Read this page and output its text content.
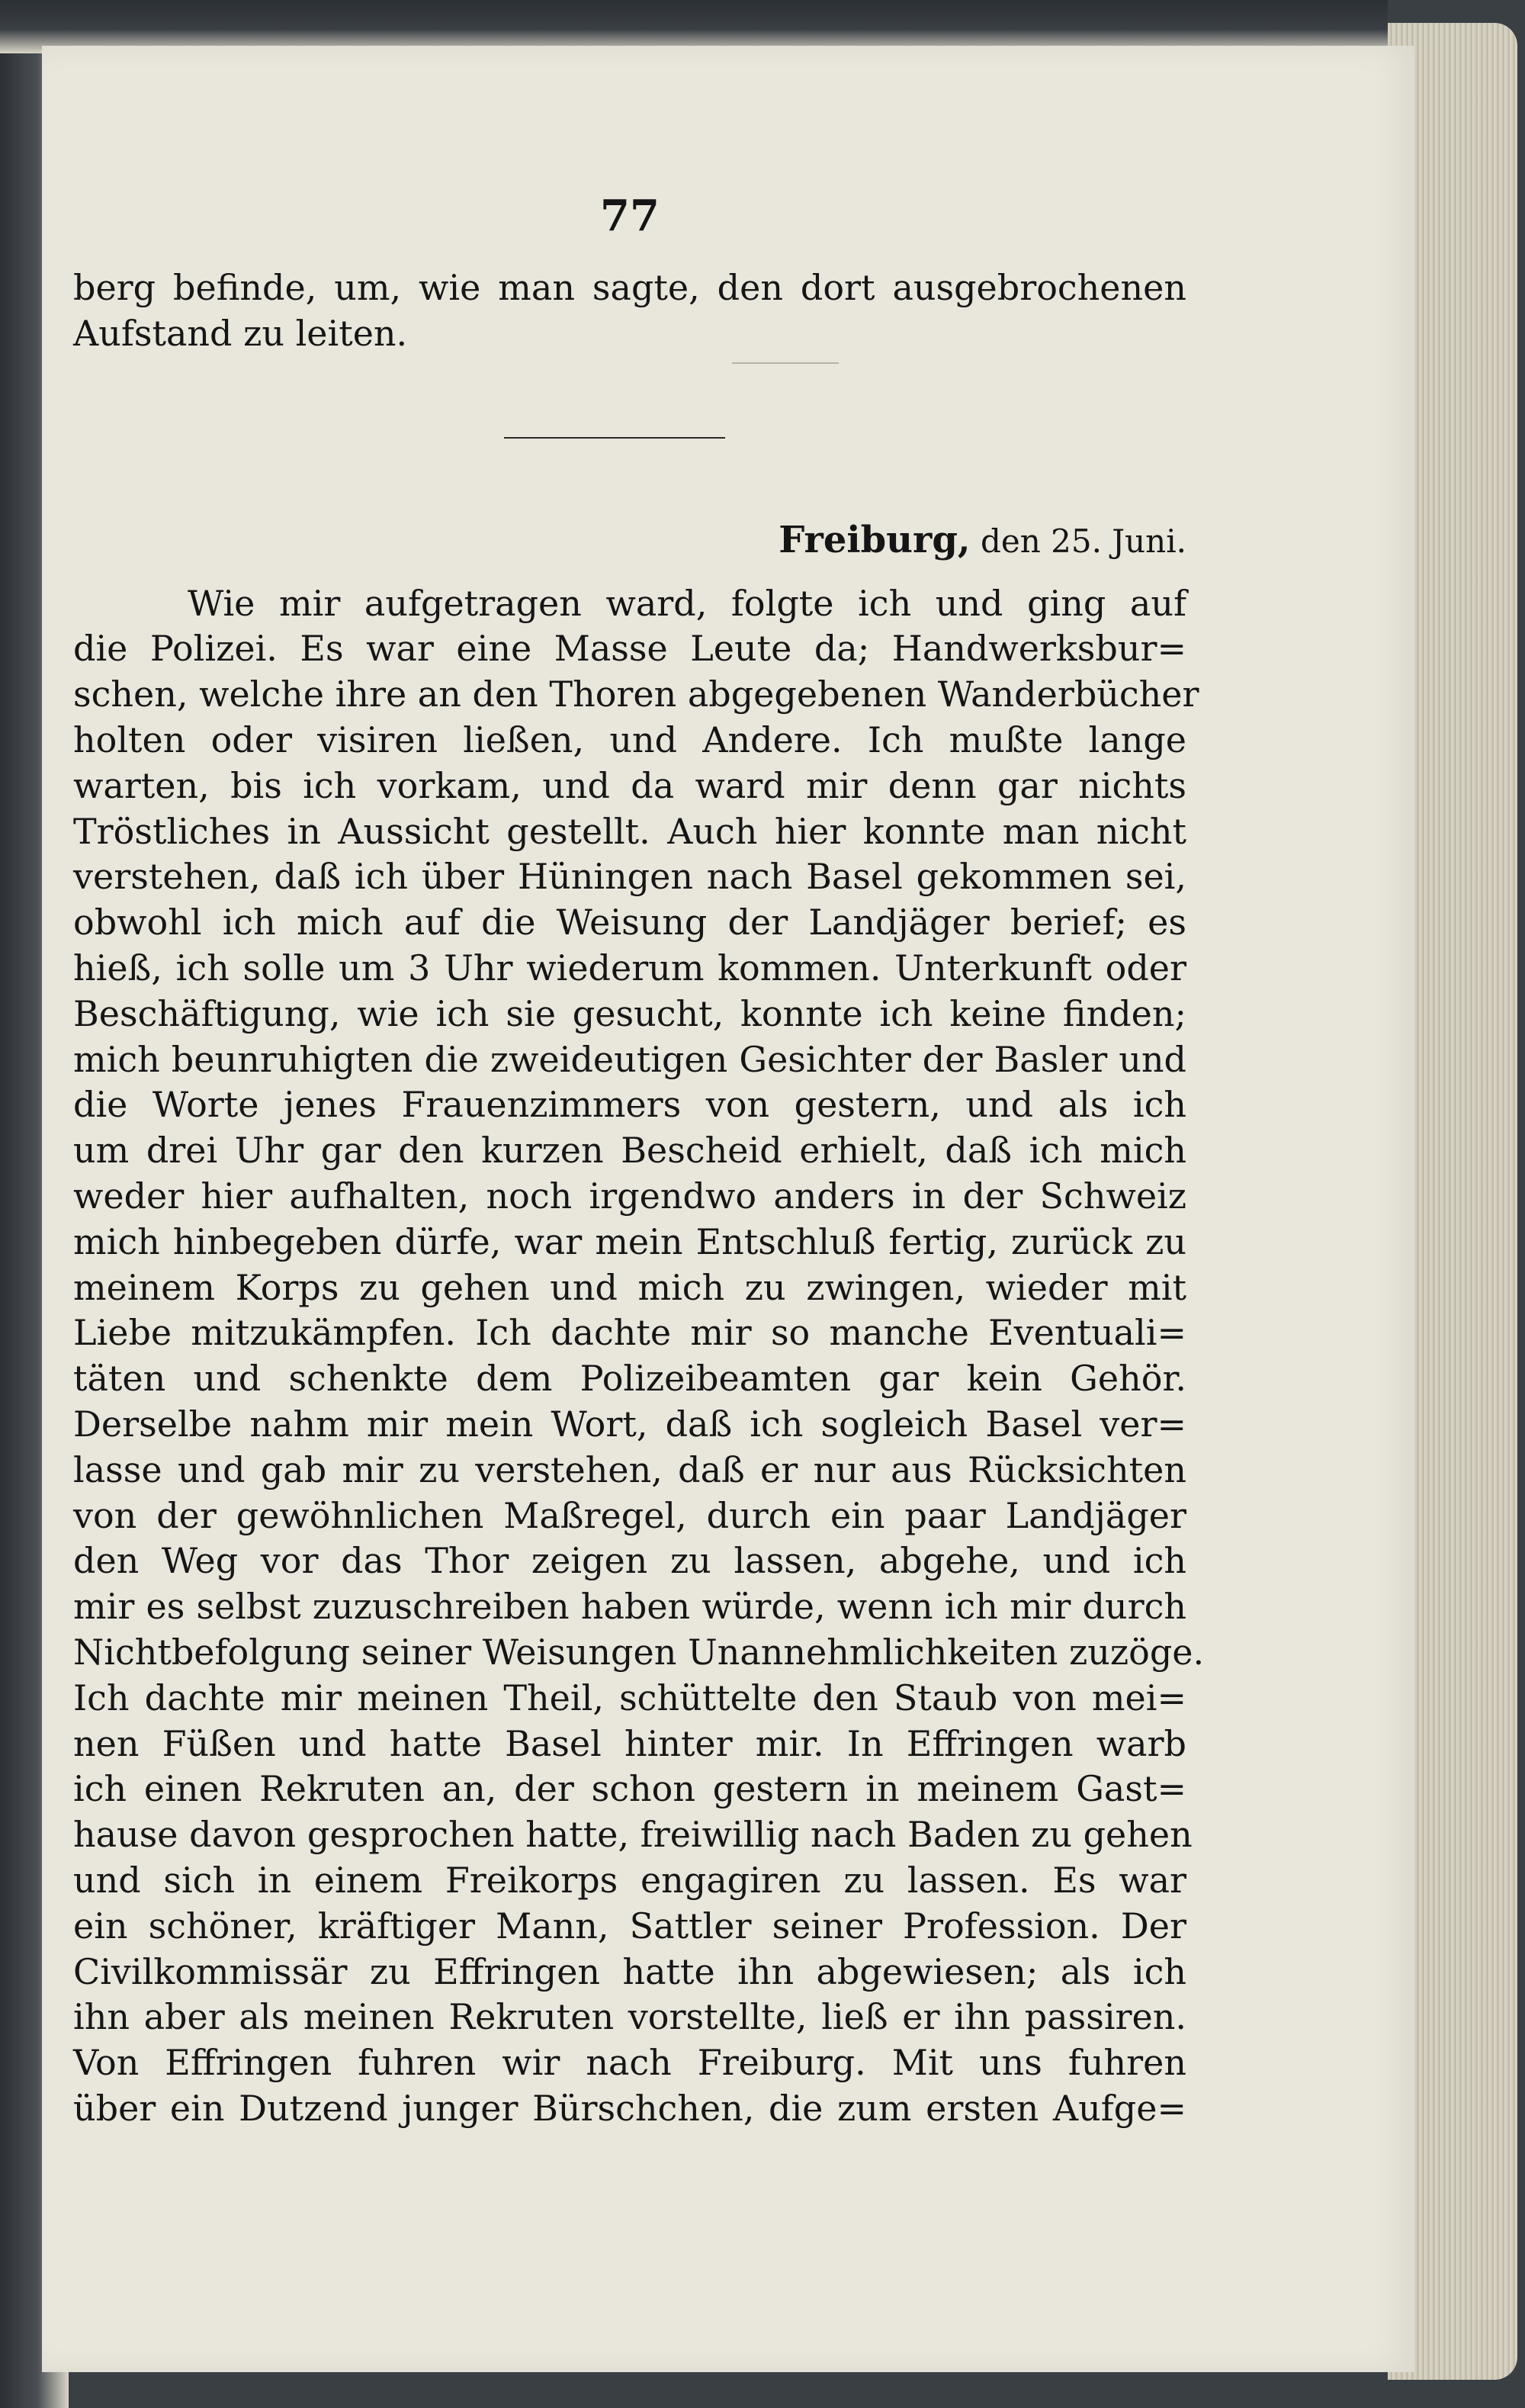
77
berg befinde, um, wie man sagte, den dort ausgebrochenen
Aufstand zu leiten.
Freiburg, den 25. Juni.
Wie mir aufgetragen ward, folgte ich und ging auf
die Polizei. Es war eine Masse Leute da; Handwerksbur=
schen, welche ihre an den Thoren abgegebenen Wanderbücher
holten oder visiren ließen, und Andere. Ich mußte lange
warten, bis ich vorkam, und da ward mir denn gar nichts
Tröstliches in Aussicht gestellt. Auch hier konnte man nicht
verstehen, daß ich über Hüningen nach Basel gekommen sei,
obwohl ich mich auf die Weisung der Landjäger berief; es
hieß, ich solle um 3 Uhr wiederum kommen. Unterkunft oder
Beschäftigung, wie ich sie gesucht, konnte ich keine finden;
mich beunruhigten die zweideutigen Gesichter der Basler und
die Worte jenes Frauenzimmers von gestern, und als ich
um drei Uhr gar den kurzen Bescheid erhielt, daß ich mich
weder hier aufhalten, noch irgendwo anders in der Schweiz
mich hinbegeben dürfe, war mein Entschluß fertig, zurück zu
meinem Korps zu gehen und mich zu zwingen, wieder mit
Liebe mitzukämpfen. Ich dachte mir so manche Eventuali=
täten und schenkte dem Polizeibeamten gar kein Gehör.
Derselbe nahm mir mein Wort, daß ich sogleich Basel ver=
lasse und gab mir zu verstehen, daß er nur aus Rücksichten
von der gewöhnlichen Maßregel, durch ein paar Landjäger
den Weg vor das Thor zeigen zu lassen, abgehe, und ich
mir es selbst zuzuschreiben haben würde, wenn ich mir durch
Nichtbefolgung seiner Weisungen Unannehmlichkeiten zuzöge.
Ich dachte mir meinen Theil, schüttelte den Staub von mei=
nen Füßen und hatte Basel hinter mir. In Effringen warb
ich einen Rekruten an, der schon gestern in meinem Gast=
hause davon gesprochen hatte, freiwillig nach Baden zu gehen
und sich in einem Freikorps engagiren zu lassen. Es war
ein schöner, kräftiger Mann, Sattler seiner Profession. Der
Civilkommissär zu Effringen hatte ihn abgewiesen; als ich
ihn aber als meinen Rekruten vorstellte, ließ er ihn passiren.
Von Effringen fuhren wir nach Freiburg. Mit uns fuhren
über ein Dutzend junger Bürschchen, die zum ersten Aufge=
